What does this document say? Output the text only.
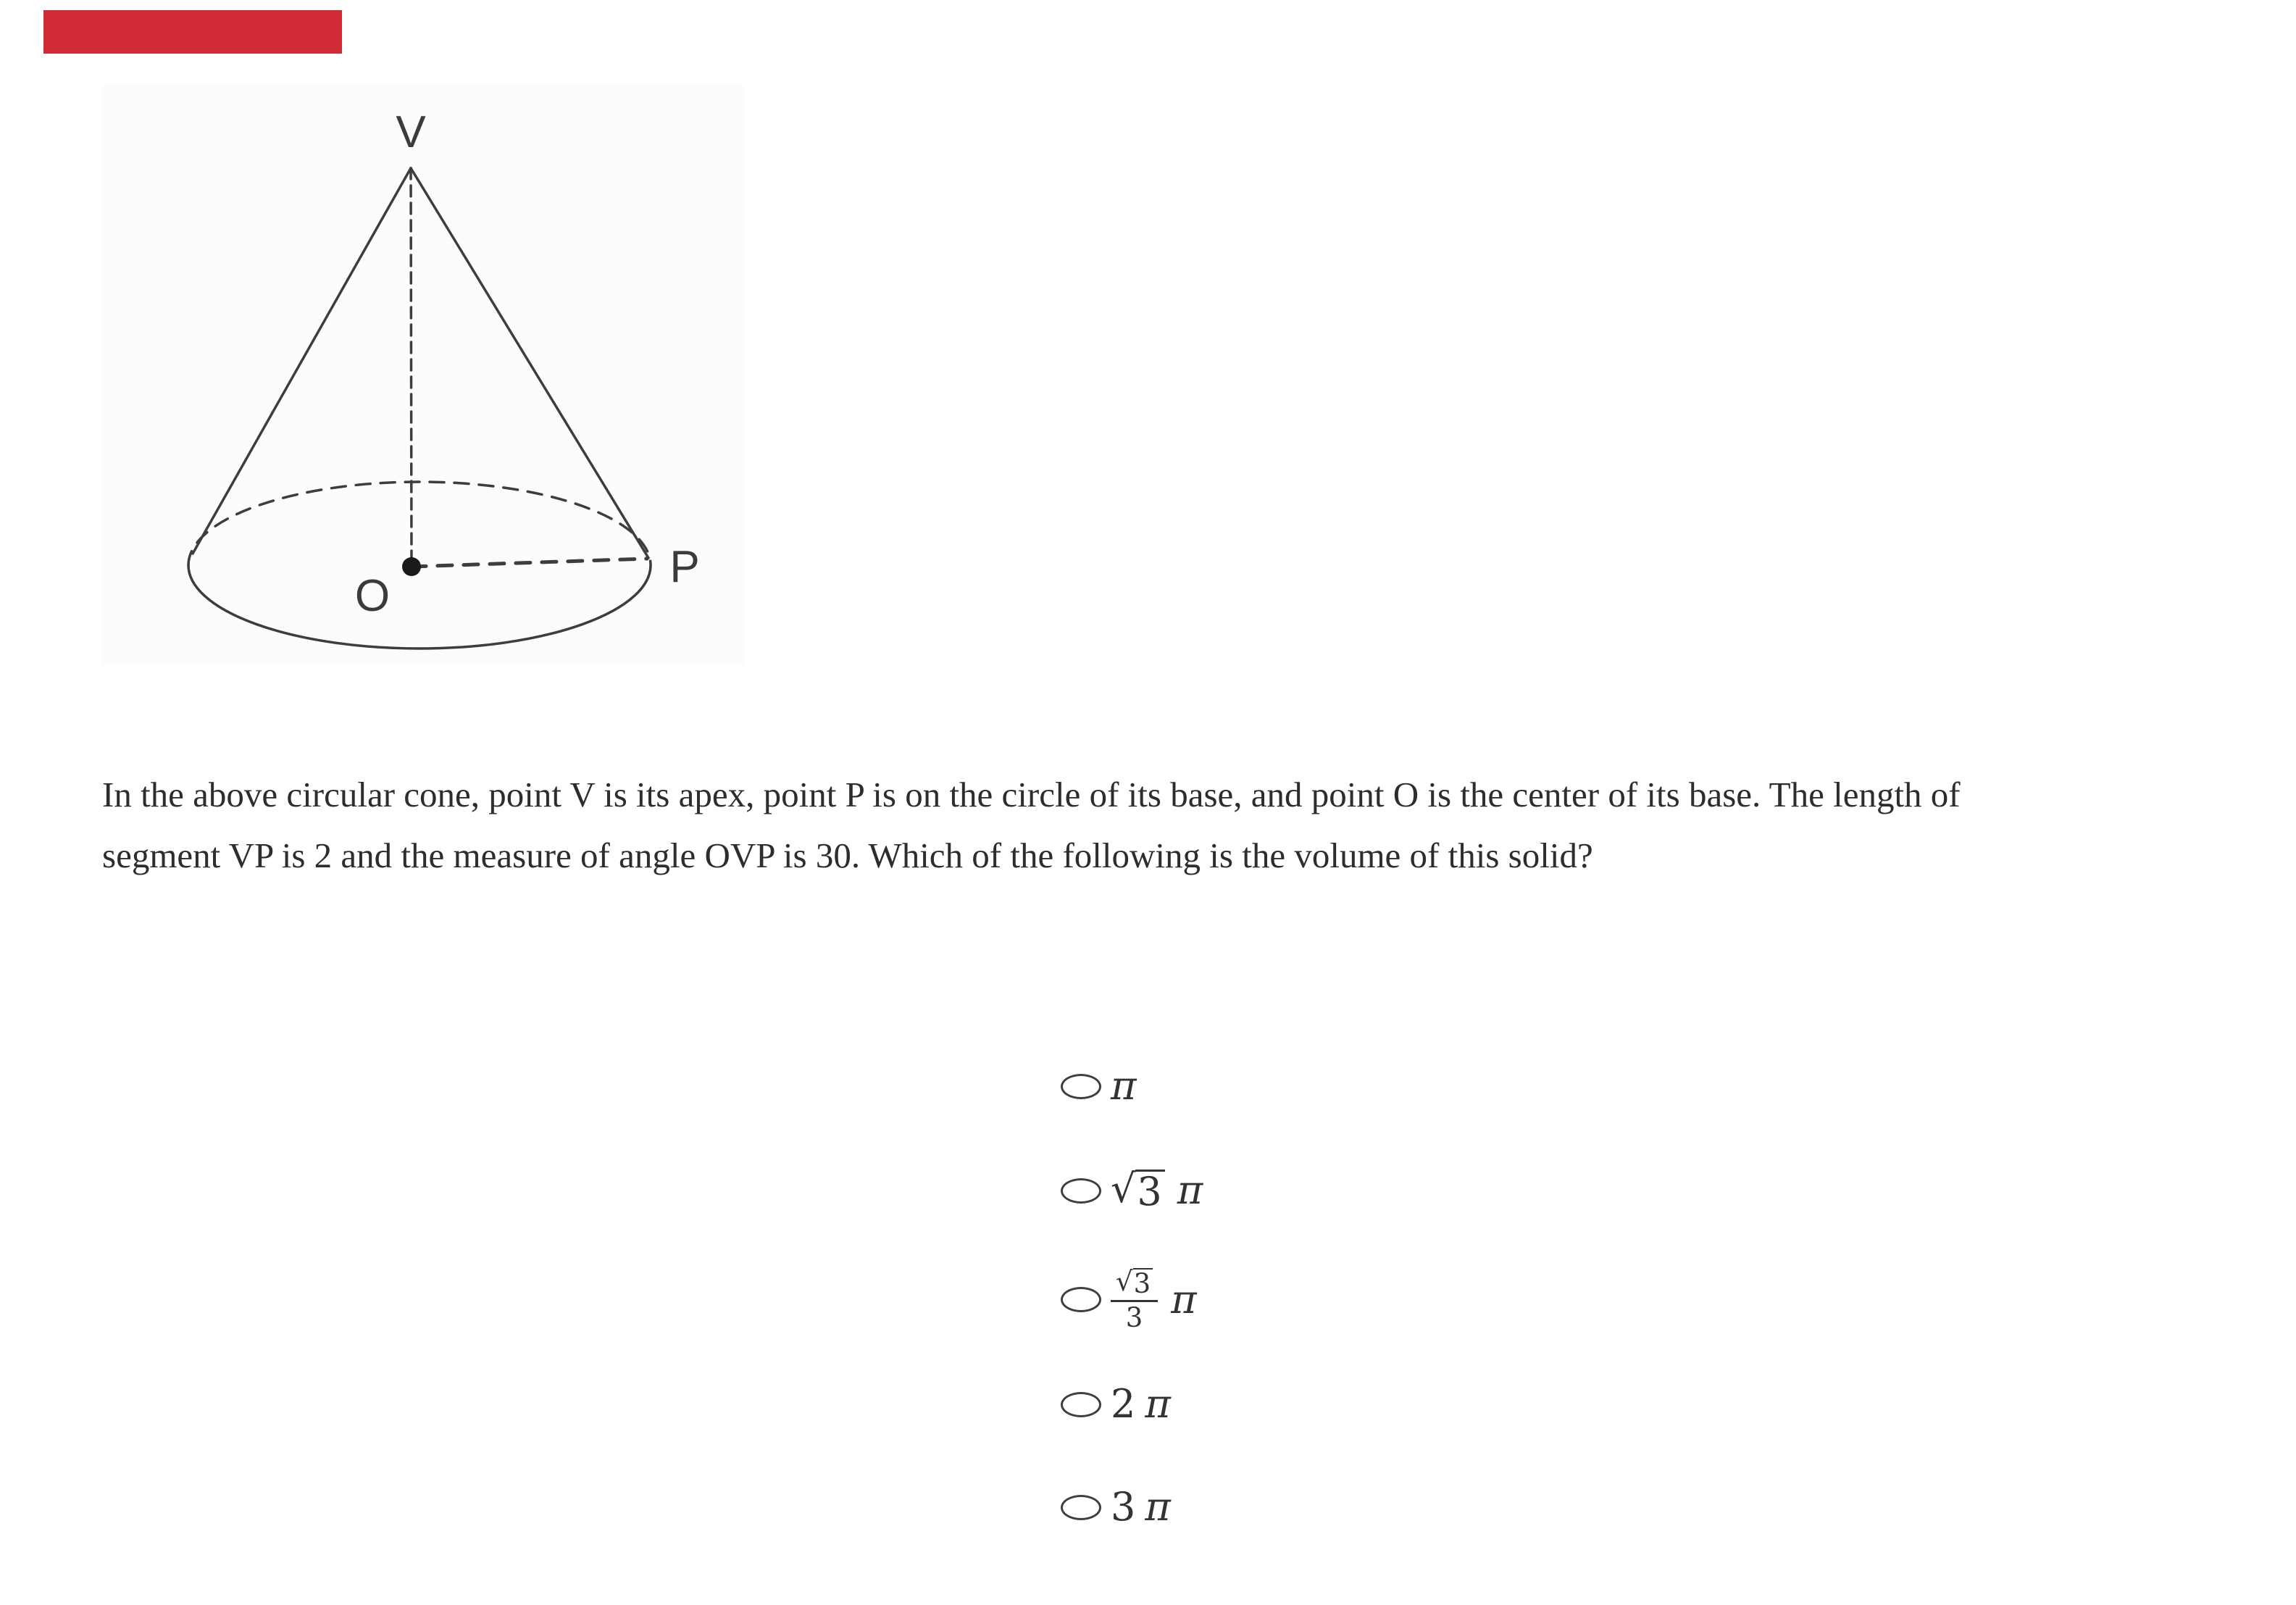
V
O
P
In the above circular cone, point V is its apex, point P is on the circle of its base, and point O is the center of its base. The length of
segment VP is 2 and the measure of angle OVP is 30. Which of the following is the volume of this solid?
π
√ 3 π
$\frac{√ 3}{3}$ π
2 π
3 π
